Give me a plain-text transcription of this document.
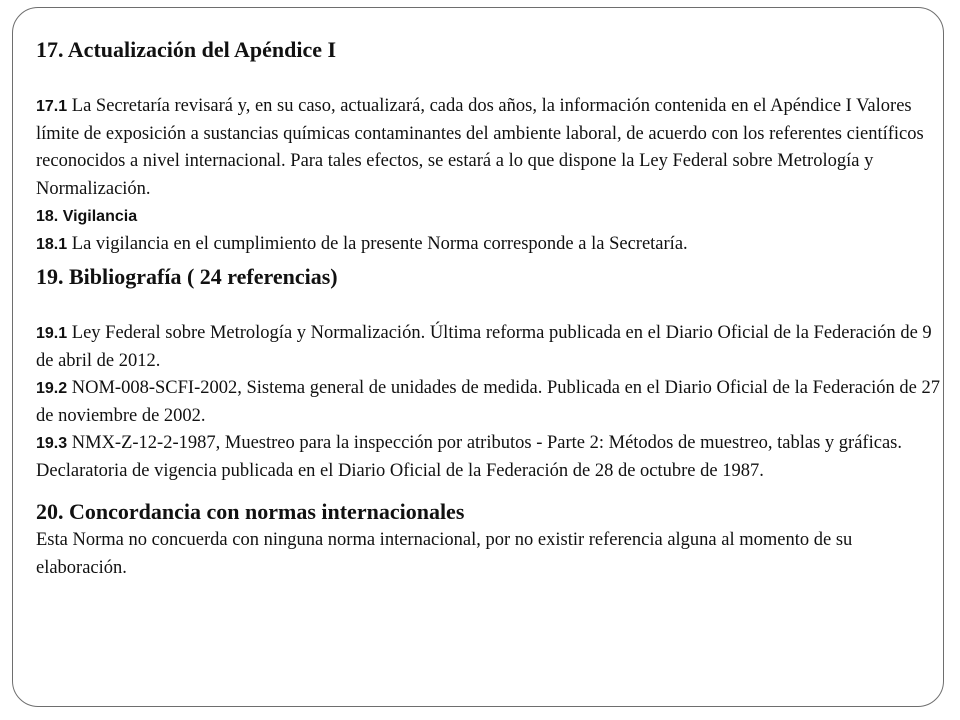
17. Actualización del Apéndice I

17.1 La Secretaría revisará y, en su caso, actualizará, cada dos años, la información contenida en el Apéndice I Valores límite de exposición a sustancias químicas contaminantes del ambiente laboral, de acuerdo con los referentes científicos reconocidos a nivel internacional. Para tales efectos, se estará a lo que dispone la Ley Federal sobre Metrología y Normalización.

18. Vigilancia

18.1 La vigilancia en el cumplimiento de la presente Norma corresponde a la Secretaría.

19. Bibliografía ( 24 referencias)

19.1 Ley Federal sobre Metrología y Normalización. Última reforma publicada en el Diario Oficial de la Federación de 9 de abril de 2012.

19.2 NOM-008-SCFI-2002, Sistema general de unidades de medida. Publicada en el Diario Oficial de la Federación de 27 de noviembre de 2002.

19.3 NMX-Z-12-2-1987, Muestreo para la inspección por atributos - Parte 2: Métodos de muestreo, tablas y gráficas. Declaratoria de vigencia publicada en el Diario Oficial de la Federación de 28 de octubre de 1987.

20. Concordancia con normas internacionales

Esta Norma no concuerda con ninguna norma internacional, por no existir referencia alguna al momento de su elaboración.
